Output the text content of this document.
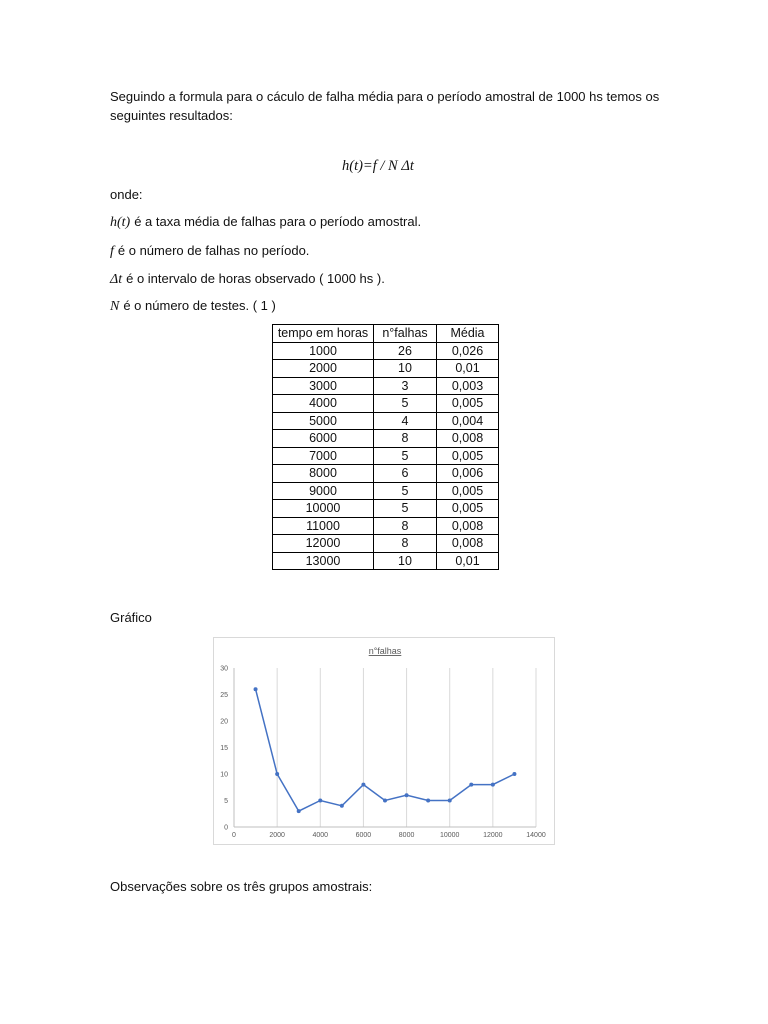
Seguindo a formula para o cáculo de falha média para o período amostral de 1000 hs temos os seguintes resultados:
h(t)=f / N Δt
onde:
h(t) é a taxa média de falhas para o período amostral.
f é o número de falhas no período.
Δt é o intervalo de horas observado ( 1000 hs ).
N é o número de testes. ( 1 )
tempo em horas	n°falhas	Média
1000	26	0,026
2000	10	0,01
3000	3	0,003
4000	5	0,005
5000	4	0,004
6000	8	0,008
7000	5	0,005
8000	6	0,006
9000	5	0,005
10000	5	0,005
11000	8	0,008
12000	8	0,008
13000	10	0,01
Gráfico
n°falhas
0	2000	4000	6000	8000	10000	12000	14000
0
5
10
15
20
25
30
Observações sobre os três grupos amostrais:
